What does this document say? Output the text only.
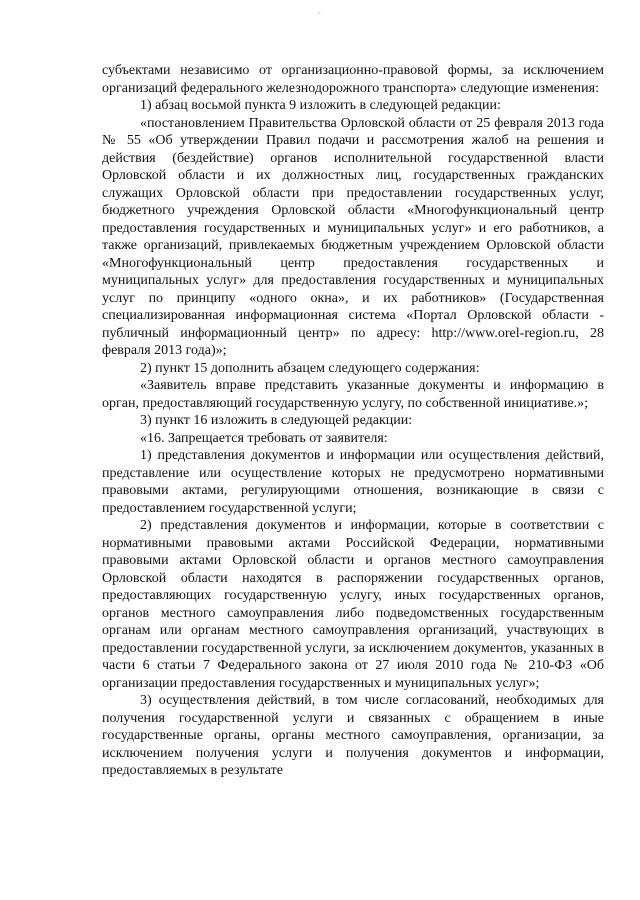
-

субъектами независимо от организационно-правовой формы, за исключением организаций федерального железнодорожного транспорта» следующие изменения:

1) абзац восьмой пункта 9 изложить в следующей редакции:

«постановлением Правительства Орловской области от 25 февраля 2013 года № 55 «Об утверждении Правил подачи и рассмотрения жалоб на решения и действия (бездействие) органов исполнительной государственной власти Орловской области и их должностных лиц, государственных гражданских служащих Орловской области при предоставлении государственных услуг, бюджетного учреждения Орловской области «Многофункциональный центр предоставления государственных и муниципальных услуг» и его работников, а также организаций, привлекаемых бюджетным учреждением Орловской области «Многофункциональный центр предоставления государственных и муниципальных услуг» для предоставления государственных и муниципальных услуг по принципу «одного окна», и их работников» (Государственная специализированная информационная система «Портал Орловской области - публичный информационный центр» по адресу: http://www.orel-region.ru, 28 февраля 2013 года)»;

2) пункт 15 дополнить абзацем следующего содержания:

«Заявитель вправе представить указанные документы и информацию в орган, предоставляющий государственную услугу, по собственной инициативе.»;

3) пункт 16 изложить в следующей редакции:

«16. Запрещается требовать от заявителя:

1) представления документов и информации или осуществления действий, представление или осуществление которых не предусмотрено нормативными правовыми актами, регулирующими отношения, возникающие в связи с предоставлением государственной услуги;

2) представления документов и информации, которые в соответствии с нормативными правовыми актами Российской Федерации, нормативными правовыми актами Орловской области и органов местного самоуправления Орловской области находятся в распоряжении государственных органов, предоставляющих государственную услугу, иных государственных органов, органов местного самоуправления либо подведомственных государственным органам или органам местного самоуправления организаций, участвующих в предоставлении государственной услуги, за исключением документов, указанных в части 6 статьи 7 Федерального закона от 27 июля 2010 года № 210-ФЗ «Об организации предоставления государственных и муниципальных услуг»;

3) осуществления действий, в том числе согласований, необходимых для получения государственной услуги и связанных с обращением в иные государственные органы, органы местного самоуправления, организации, за исключением получения услуги и получения документов и информации, предоставляемых в результате
